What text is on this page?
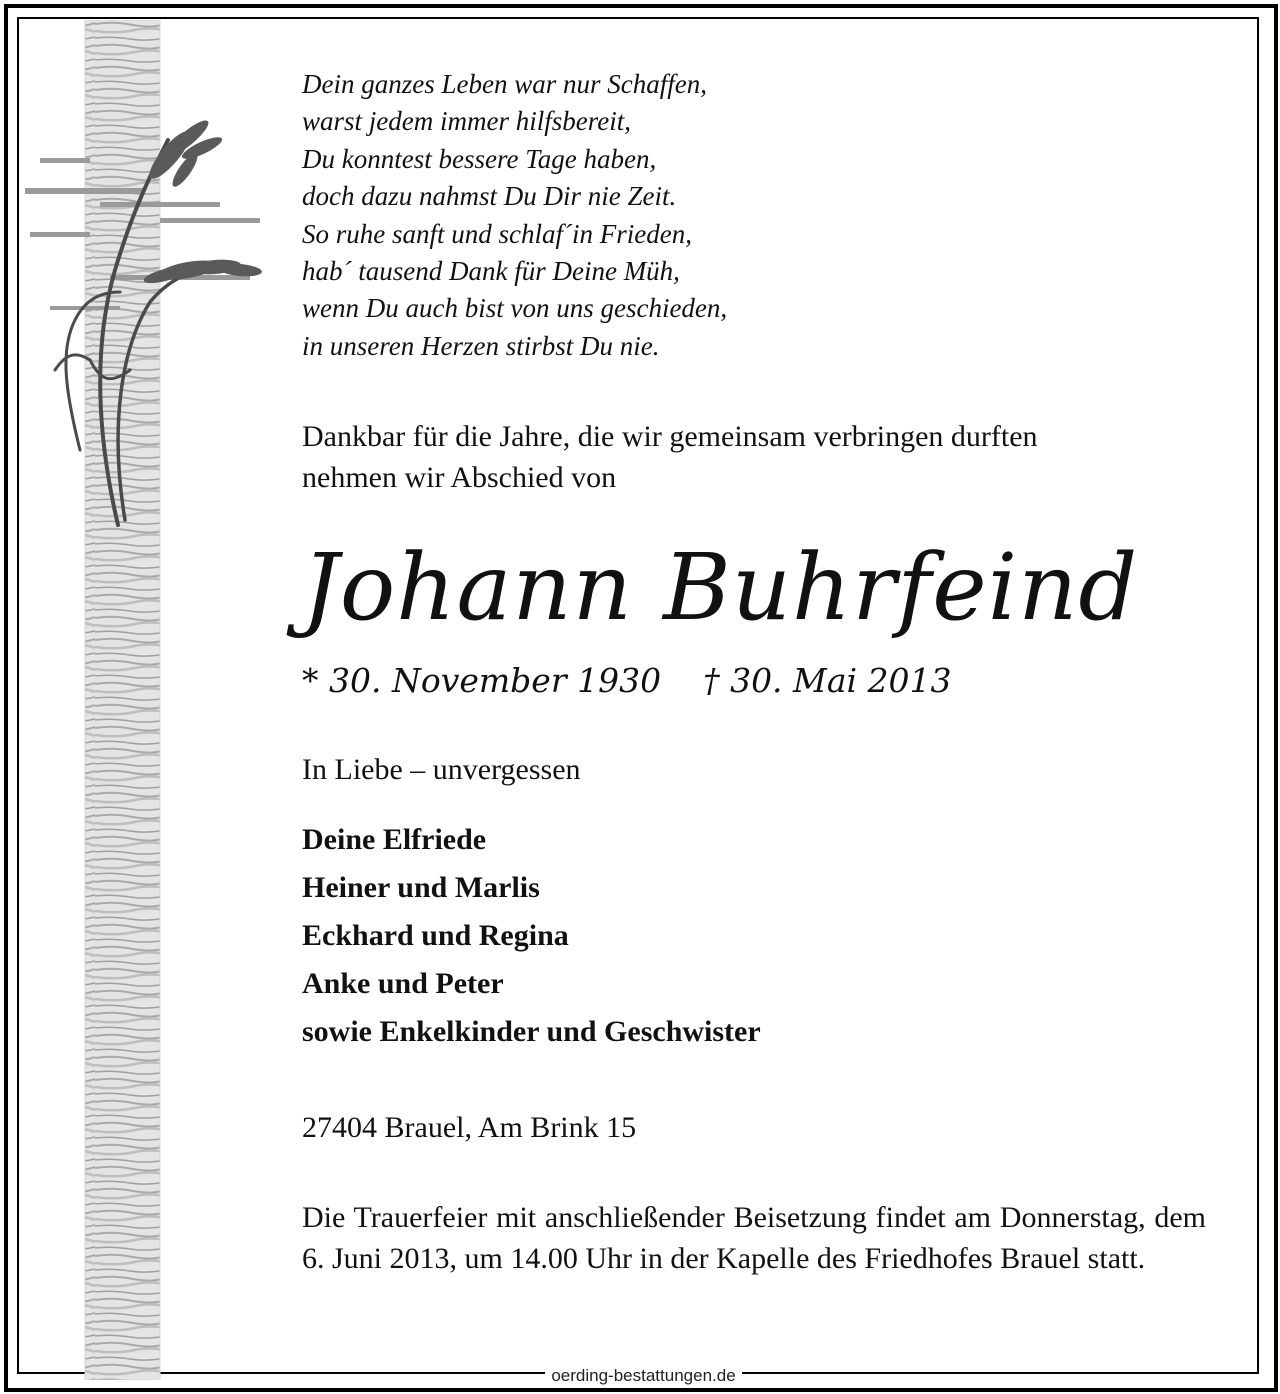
Dein ganzes Leben war nur Schaffen,
warst jedem immer hilfsbereit,
Du konntest bessere Tage haben,
doch dazu nahmst Du Dir nie Zeit.
So ruhe sanft und schlaf´in Frieden,
hab´ tausend Dank für Deine Müh,
wenn Du auch bist von uns geschieden,
in unseren Herzen stirbst Du nie.
Dankbar für die Jahre, die wir gemeinsam verbringen durften
nehmen wir Abschied von
Johann Buhrfeind
* 30. November 1930 † 30. Mai 2013
In Liebe – unvergessen
Deine Elfriede
Heiner und Marlis
Eckhard und Regina
Anke und Peter
sowie Enkelkinder und Geschwister
27404 Brauel, Am Brink 15
Die Trauerfeier mit anschließender Beisetzung findet am Donnerstag, dem 6. Juni 2013, um 14.00 Uhr in der Kapelle des Friedhofes Brauel statt.
oerding-bestattungen.de
